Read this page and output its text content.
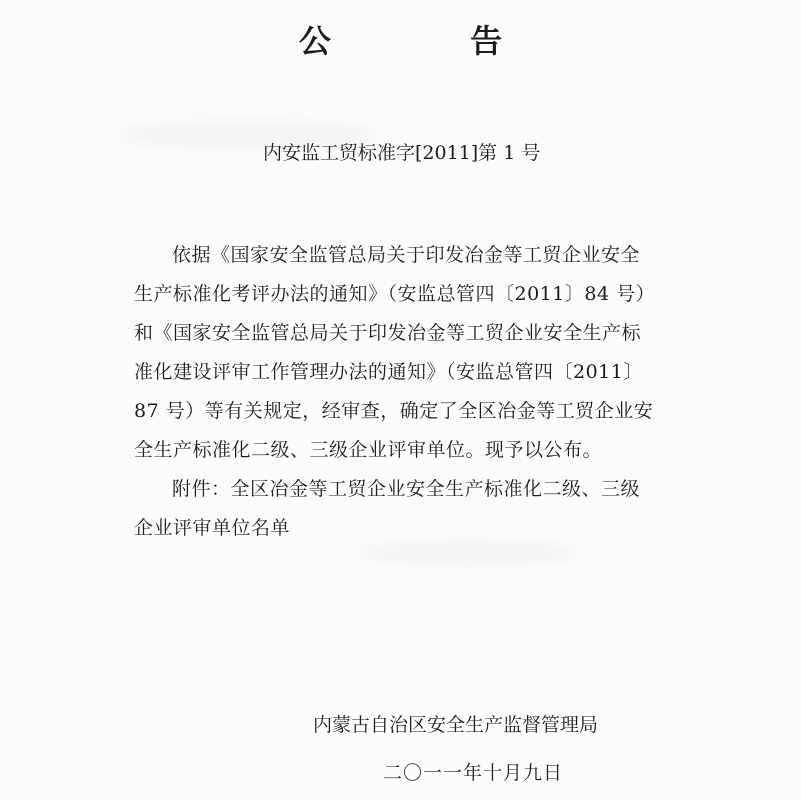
公 告
内安监工贸标准字[2011]第 1 号
依据《国家安全监管总局关于印发冶金等工贸企业安全
生产标准化考评办法的通知》（安监总管四〔2011〕84 号）
和《国家安全监管总局关于印发冶金等工贸企业安全生产标
准化建设评审工作管理办法的通知》（安监总管四〔2011〕
87 号）等有关规定，经审查，确定了全区冶金等工贸企业安
全生产标准化二级、三级企业评审单位。现予以公布。
附件：全区冶金等工贸企业安全生产标准化二级、三级
企业评审单位名单
内蒙古自治区安全生产监督管理局
二〇一一年十月九日
